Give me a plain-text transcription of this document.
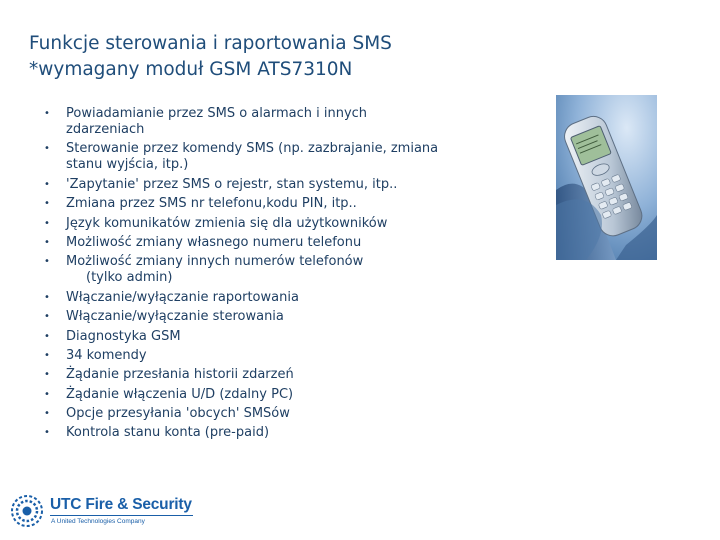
Funkcje sterowania i raportowania SMS
*wymagany moduł GSM ATS7310N
• Powiadamianie przez SMS o alarmach i innych zdarzeniach
• Sterowanie przez komendy SMS (np. zazbrajanie, zmiana stanu wyjścia, itp.)
• 'Zapytanie' przez SMS o rejestr, stan systemu, itp..
• Zmiana przez SMS nr telefonu,kodu PIN, itp..
• Język komunikatów zmienia się dla użytkowników
• Możliwość zmiany własnego numeru telefonu
• Możliwość zmiany innych numerów telefonów
(tylko admin)
• Włączanie/wyłączanie raportowania
• Włączanie/wyłączanie sterowania
• Diagnostyka GSM
• 34 komendy
• Żądanie przesłania historii zdarzeń
• Żądanie włączenia U/D (zdalny PC)
• Opcje przesyłania 'obcych' SMSów
• Kontrola stanu konta (pre-paid)
UTC Fire & Security
A United Technologies Company
